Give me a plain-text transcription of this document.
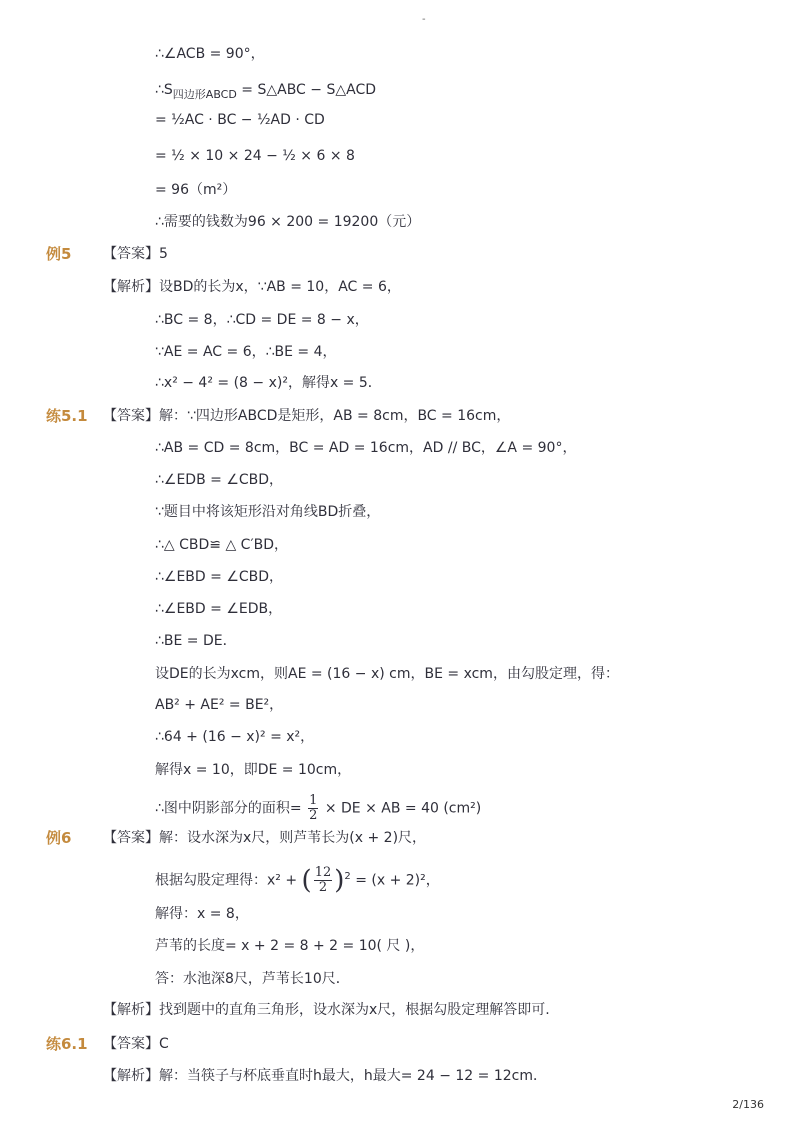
-
∴∠ACB = 90°，
$\therefore S_{四边形ABCD}$ = S△ABC − S△ACD
= ½AC · BC − ½AD · CD
= ½ × 10 × 24 − ½ × 6 × 8
= 96（m²）
∴需要的钱数为96 × 200 = 19200（元）
例5 【答案】5
【解析】设BD的长为x，∵AB = 10，AC = 6，
∴BC = 8，∴CD = DE = 8 − x，
∵AE = AC = 6，∴BE = 4，
∴x² − 4² = (8 − x)²，解得x = 5．
练5.1 【答案】解：∵四边形ABCD是矩形，AB = 8cm，BC = 16cm，
∴AB = CD = 8cm，BC = AD = 16cm，AD // BC，∠A = 90°，
∴∠EDB = ∠CBD，
∵题目中将该矩形沿对角线BD折叠，
∴△ CBD≌ △ C′BD，
∴∠EBD = ∠CBD，
∴∠EBD = ∠EDB，
∴BE = DE．
设DE的长为xcm，则AE = (16 − x) cm，BE = xcm，由勾股定理，得：
AB² + AE² = BE²，
∴64 + (16 − x)² = x²，
解得x = 10，即DE = 10cm，
∴图中阴影部分的面积= $\frac{1}{2}$ × DE × AB = 40 (cm²)
例6 【答案】解：设水深为x尺，则芦苇长为(x + 2)尺，
根据勾股定理得：x² + ( $\frac{12}{2} )^2 = (x + 2)^2$，
解得：x = 8，
芦苇的长度= x + 2 = 8 + 2 = 10( 尺 )，
答：水池深8尺，芦苇长10尺．
【解析】找到题中的直角三角形，设水深为x尺，根据勾股定理解答即可.
练6.1 【答案】C
【解析】解：当筷子与杯底垂直时h最大，h最大= 24 − 12 = 12cm．
2/136
